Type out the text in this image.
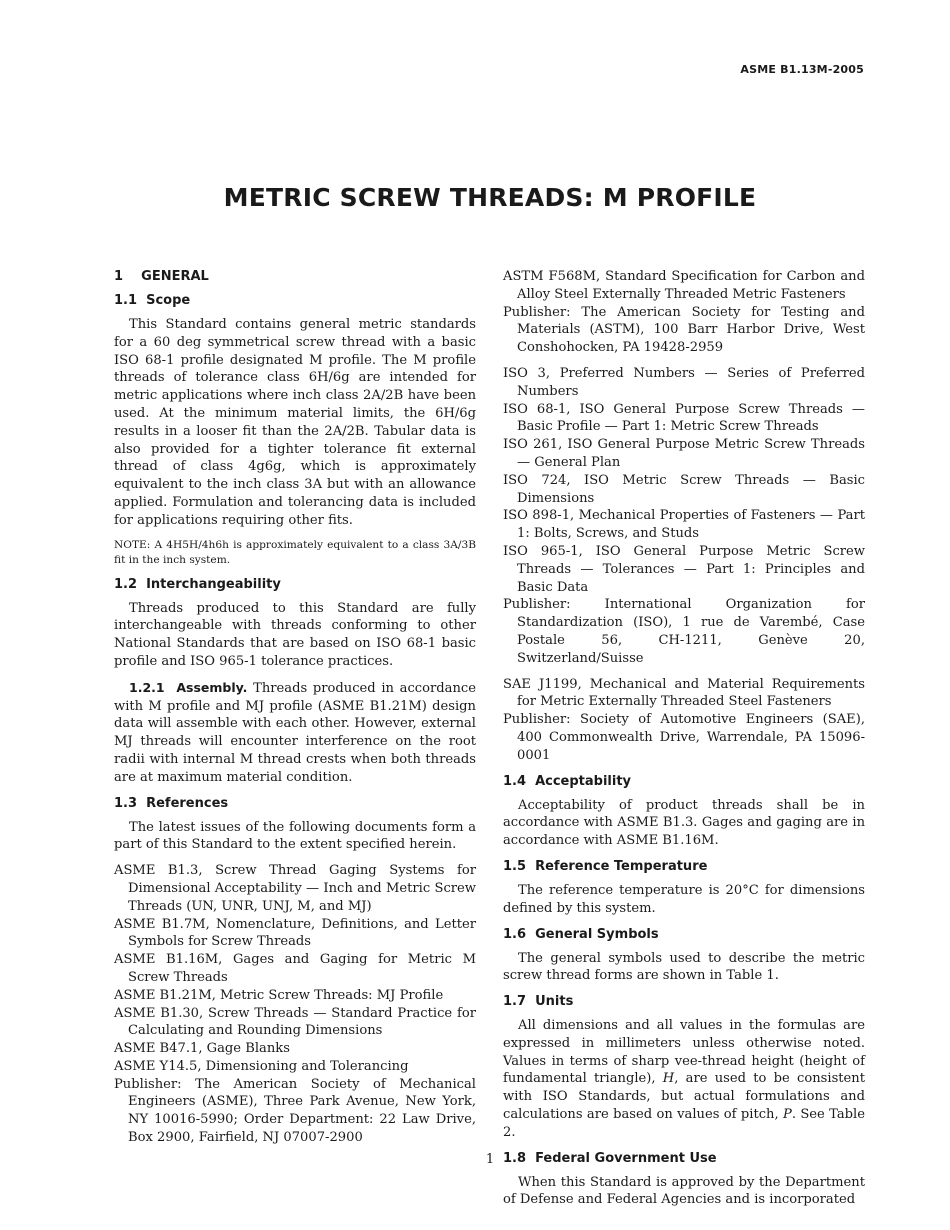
ASME B1.13M-2005
METRIC SCREW THREADS: M PROFILE
1    GENERAL
1.1  Scope

This Standard contains general metric standards for a 60 deg symmetrical screw thread with a basic ISO 68-1 profile designated M profile. The M profile threads of tolerance class 6H/6g are intended for metric applications where inch class 2A/2B have been used. At the minimum material limits, the 6H/6g results in a looser fit than the 2A/2B. Tabular data is also provided for a tighter tolerance fit external thread of class 4g6g, which is approximately equivalent to the inch class 3A but with an allowance applied. Formulation and tolerancing data is included for applications requiring other fits.

NOTE: A 4H5H/4h6h is approximately equivalent to a class 3A/3B fit in the inch system.

1.2  Interchangeability

Threads produced to this Standard are fully interchangeable with threads conforming to other National Standards that are based on ISO 68-1 basic profile and ISO 965-1 tolerance practices.

1.2.1  Assembly. Threads produced in accordance with M profile and MJ profile (ASME B1.21M) design data will assemble with each other. However, external MJ threads will encounter interference on the root radii with internal M thread crests when both threads are at maximum material condition.

1.3  References

The latest issues of the following documents form a part of this Standard to the extent specified herein.

ASME B1.3, Screw Thread Gaging Systems for Dimensional Acceptability — Inch and Metric Screw Threads (UN, UNR, UNJ, M, and MJ)

ASME B1.7M, Nomenclature, Definitions, and Letter Symbols for Screw Threads

ASME B1.16M, Gages and Gaging for Metric M Screw Threads

ASME B1.21M, Metric Screw Threads: MJ Profile

ASME B1.30, Screw Threads — Standard Practice for Calculating and Rounding Dimensions

ASME B47.1, Gage Blanks

ASME Y14.5, Dimensioning and Tolerancing

Publisher: The American Society of Mechanical Engineers (ASME), Three Park Avenue, New York, NY 10016-5990; Order Department: 22 Law Drive, Box 2900, Fairfield, NJ 07007-2900

ASTM F568M, Standard Specification for Carbon and Alloy Steel Externally Threaded Metric Fasteners

Publisher: The American Society for Testing and Materials (ASTM), 100 Barr Harbor Drive, West Conshohocken, PA 19428-2959

ISO 3, Preferred Numbers — Series of Preferred Numbers

ISO 68-1, ISO General Purpose Screw Threads — Basic Profile — Part 1: Metric Screw Threads

ISO 261, ISO General Purpose Metric Screw Threads — General Plan

ISO 724, ISO Metric Screw Threads — Basic Dimensions

ISO 898-1, Mechanical Properties of Fasteners — Part 1: Bolts, Screws, and Studs

ISO 965-1, ISO General Purpose Metric Screw Threads — Tolerances — Part 1: Principles and Basic Data

Publisher: International Organization for Standardization (ISO), 1 rue de Varembé, Case Postale 56, CH-1211, Genève 20, Switzerland/Suisse

SAE J1199, Mechanical and Material Requirements for Metric Externally Threaded Steel Fasteners

Publisher: Society of Automotive Engineers (SAE), 400 Commonwealth Drive, Warrendale, PA 15096-0001

1.4  Acceptability

Acceptability of product threads shall be in accordance with ASME B1.3. Gages and gaging are in accordance with ASME B1.16M.

1.5  Reference Temperature

The reference temperature is 20°C for dimensions defined by this system.

1.6  General Symbols

The general symbols used to describe the metric screw thread forms are shown in Table 1.

1.7  Units

All dimensions and all values in the formulas are expressed in millimeters unless otherwise noted. Values in terms of sharp vee-thread height (height of fundamental triangle), H, are used to be consistent with ISO Standards, but actual formulations and calculations are based on values of pitch, P. See Table 2.

1.8  Federal Government Use

When this Standard is approved by the Department of Defense and Federal Agencies and is incorporated

1
